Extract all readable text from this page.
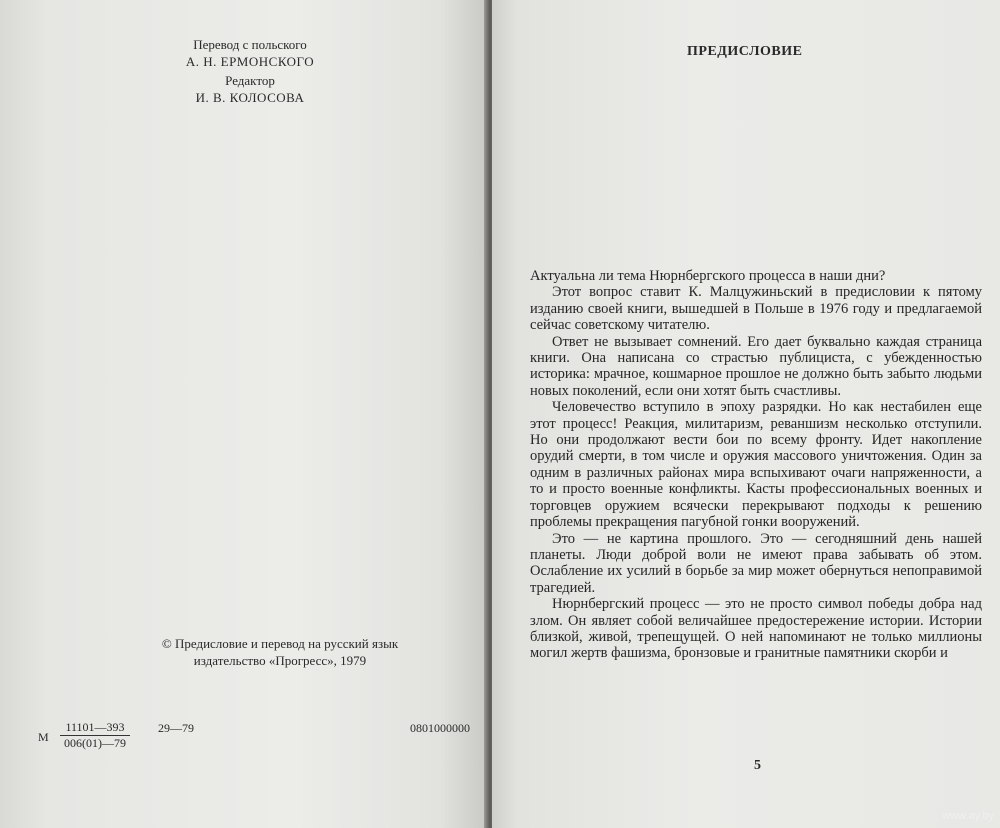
Перевод с польского
А. Н. ЕРМОНСКОГО
Редактор
И. В. КОЛОСОВА
© Предисловие и перевод на русский язык
издательство «Прогресс», 1979
М $\frac{11101—393}{006(01)—79}$ 29—79	0801000000
ПРЕДИСЛОВИЕ

Актуальна ли тема Нюрнбергского процесса в наши дни?

Этот вопрос ставит К. Малцужиньский в предисловии к пятому изданию своей книги, вышедшей в Польше в 1976 году и предлагаемой сейчас советскому читателю.

Ответ не вызывает сомнений. Его дает буквально каждая страница книги. Она написана со страстью публициста, с убежденностью историка: мрачное, кошмарное прошлое не должно быть забыто людьми новых поколений, если они хотят быть счастливы.

Человечество вступило в эпоху разрядки. Но как нестабилен еще этот процесс! Реакция, милитаризм, реваншизм несколько отступили. Но они продолжают вести бои по всему фронту. Идет накопление орудий смерти, в том числе и оружия массового уничтожения. Один за одним в различных районах мира вспыхивают очаги напряженности, а то и просто военные конфликты. Касты профессиональных военных и торговцев оружием всячески перекрывают подходы к решению проблемы прекращения пагубной гонки вооружений.

Это — не картина прошлого. Это — сегодняшний день нашей планеты. Люди доброй воли не имеют права забывать об этом. Ослабление их усилий в борьбе за мир может обернуться непоправимой трагедией.

Нюрнбергский процесс — это не просто символ победы добра над злом. Он являет собой величайшее предостережение истории. Истории близкой, живой, трепещущей. О ней напоминают не только миллионы могил жертв фашизма, бронзовые и гранитные памятники скорби и

5
www.ay.by
